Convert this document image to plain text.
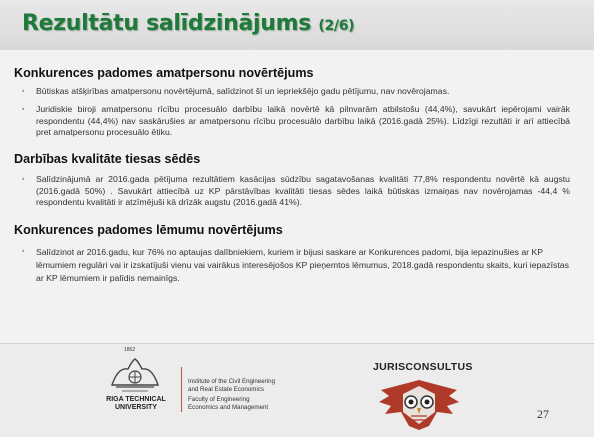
Rezultātu salīdzinājums (2/6)
Konkurences padomes amatpersonu novērtējums
▪ Būtiskas atšķirības amatpersonu novērtējumā, salīdzinot šī un iepriekšējo gadu pētījumu, nav novērojamas.
▪ Juridiskie biroji amatpersonu rīcību procesuālo darbību laikā novērtē kā pilnvarām atbilstošu (44,4%), savukārt iepērojami vairāk respondentu (44,4%) nav saskārušies ar amatpersonu rīcību procesuālo darbību laikā (2016.gadā 25%). Līdzīgi rezultāti ir arī attiecībā pret amatpersonu procesuālo ētiku.
Darbības kvalitāte tiesas sēdēs
▪ Salīdzinājumā ar 2016.gada pētījuma rezultātiem kasācijas sūdzību sagatavošanas kvalitāti 77,8% respondentu novērtē kā augstu (2016.gadā 50%) . Savukārt attiecībā uz KP pārstāvības kvalitāti tiesas sēdes laikā būtiskas izmaiņas nav novērojamas -44,4 % respondentu kvalitāti ir atzīmējuši kā drīzāk augstu (2016.gadā 41%).
Konkurences padomes lēmumu novērtējums
▪ Salīdzinot ar 2016.gadu, kur 76% no aptaujas dalībniekiem, kuriem ir bijusi saskare ar Konkurences padomi, bija iepazinušies ar KP lēmumiem regulāri vai ir izskatījuši vienu vai vairākus interesējošos KP pieņemtos lēmumus, 2018.gadā respondentu skaits, kuri iepazīstas ar KP lēmumiem ir palīdis nemainīgs.
1862
RIGA TECHNICAL
UNIVERSITY
Institute of the Civil Engineering
and Real Estate Economics
Faculty of Engineering
Economics and Management
JURISCONSULTUS
27
